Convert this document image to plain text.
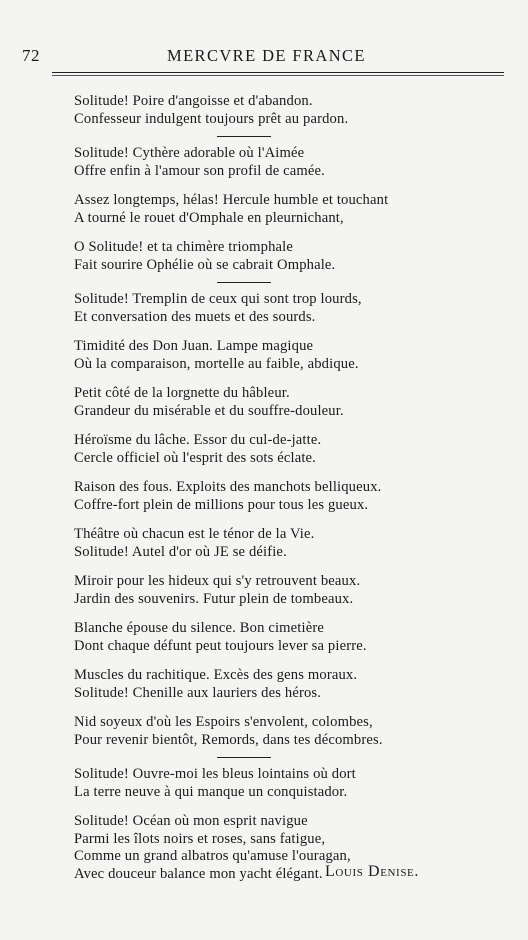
72	MERCVRE DE FRANCE
Solitude! Poire d'angoisse et d'abandon.
Confesseur indulgent toujours prêt au pardon.
Solitude! Cythère adorable où l'Aimée
Offre enfin à l'amour son profil de camée.
Assez longtemps, hélas! Hercule humble et touchant
A tourné le rouet d'Omphale en pleurnichant,
O Solitude! et ta chimère triomphale
Fait sourire Ophélie où se cabrait Omphale.
Solitude! Tremplin de ceux qui sont trop lourds,
Et conversation des muets et des sourds.
Timidité des Don Juan. Lampe magique
Où la comparaison, mortelle au faible, abdique.
Petit côté de la lorgnette du hâbleur.
Grandeur du misérable et du souffre-douleur.
Héroïsme du lâche. Essor du cul-de-jatte.
Cercle officiel où l'esprit des sots éclate.
Raison des fous. Exploits des manchots belliqueux.
Coffre-fort plein de millions pour tous les gueux.
Théâtre où chacun est le ténor de la Vie.
Solitude! Autel d'or où JE se déifie.
Miroir pour les hideux qui s'y retrouvent beaux.
Jardin des souvenirs. Futur plein de tombeaux.
Blanche épouse du silence. Bon cimetière
Dont chaque défunt peut toujours lever sa pierre.
Muscles du rachitique. Excès des gens moraux.
Solitude! Chenille aux lauriers des héros.
Nid soyeux d'où les Espoirs s'envolent, colombes,
Pour revenir bientôt, Remords, dans tes décombres.
Solitude! Ouvre-moi les bleus lointains où dort
La terre neuve à qui manque un conquistador.
Solitude! Océan où mon esprit navigue
Parmi les îlots noirs et roses, sans fatigue,
Comme un grand albatros qu'amuse l'ouragan,
Avec douceur balance mon yacht élégant. Louis Denise.
